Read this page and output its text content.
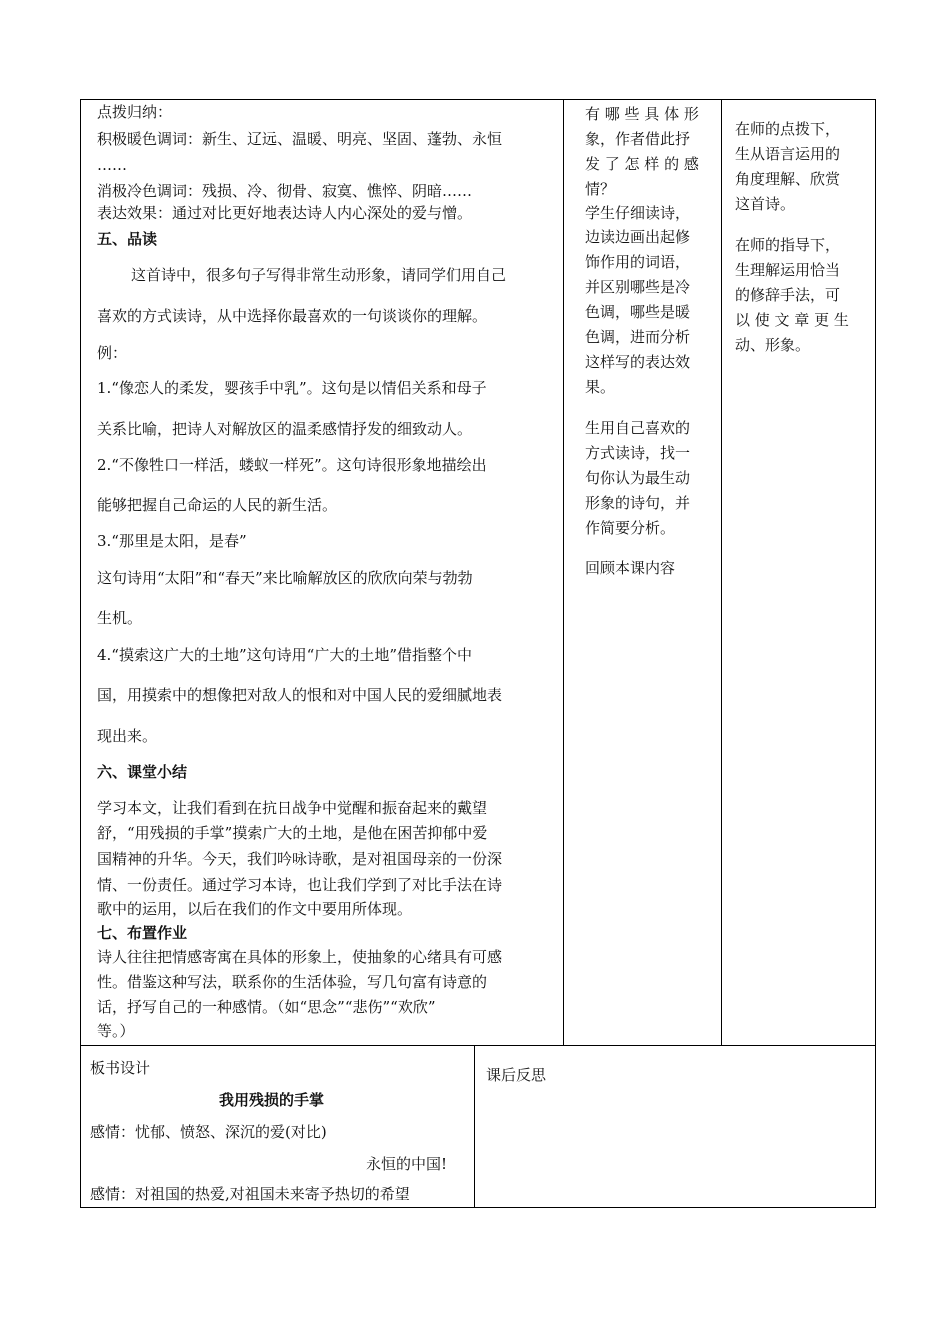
点拨归纳：
积极暖色调词：新生、辽远、温暖、明亮、坚固、蓬勃、永恒
……
消极冷色调词：残损、冷、彻骨、寂寞、憔悴、阴暗……
表达效果：通过对比更好地表达诗人内心深处的爱与憎。
五、品读
这首诗中，很多句子写得非常生动形象，请同学们用自己
喜欢的方式读诗，从中选择你最喜欢的一句谈谈你的理解。
例：
1.“像恋人的柔发，婴孩手中乳”。这句是以情侣关系和母子
关系比喻，把诗人对解放区的温柔感情抒发的细致动人。
2.“不像牲口一样活，蝼蚁一样死”。这句诗很形象地描绘出
能够把握自己命运的人民的新生活。
3.“那里是太阳，是春”
这句诗用“太阳”和“春天”来比喻解放区的欣欣向荣与勃勃
生机。
4.“摸索这广大的土地”这句诗用“广大的土地”借指整个中
国，用摸索中的想像把对敌人的恨和对中国人民的爱细腻地表
现出来。
六、课堂小结
学习本文，让我们看到在抗日战争中觉醒和振奋起来的戴望
舒，“用残损的手掌”摸索广大的土地，是他在困苦抑郁中爱
国精神的升华。今天，我们吟咏诗歌，是对祖国母亲的一份深
情、一份责任。通过学习本诗，也让我们学到了对比手法在诗
歌中的运用，以后在我们的作文中要用所体现。
七、布置作业
诗人往往把情感寄寓在具体的形象上，使抽象的心绪具有可感
性。借鉴这种写法，联系你的生活体验，写几句富有诗意的
话，抒写自己的一种感情。（如“思念”“悲伤”“欢欣”
等。）
有 哪 些 具 体 形
象，作者借此抒
发 了 怎 样 的 感
情？
学生仔细读诗，
边读边画出起修
饰作用的词语，
并区别哪些是冷
色调，哪些是暖
色调，进而分析
这样写的表达效
果。
生用自己喜欢的
方式读诗，找一
句你认为最生动
形象的诗句，并
作简要分析。
回顾本课内容
在师的点拨下，
生从语言运用的
角度理解、欣赏
这首诗。
在师的指导下，
生理解运用恰当
的修辞手法，可
以 使 文 章 更 生
动、形象。
板书设计
我用残损的手掌
感情：忧郁、愤怒、深沉的爱(对比)
永恒的中国!
感情：对祖国的热爱,对祖国未来寄予热切的希望
课后反思
